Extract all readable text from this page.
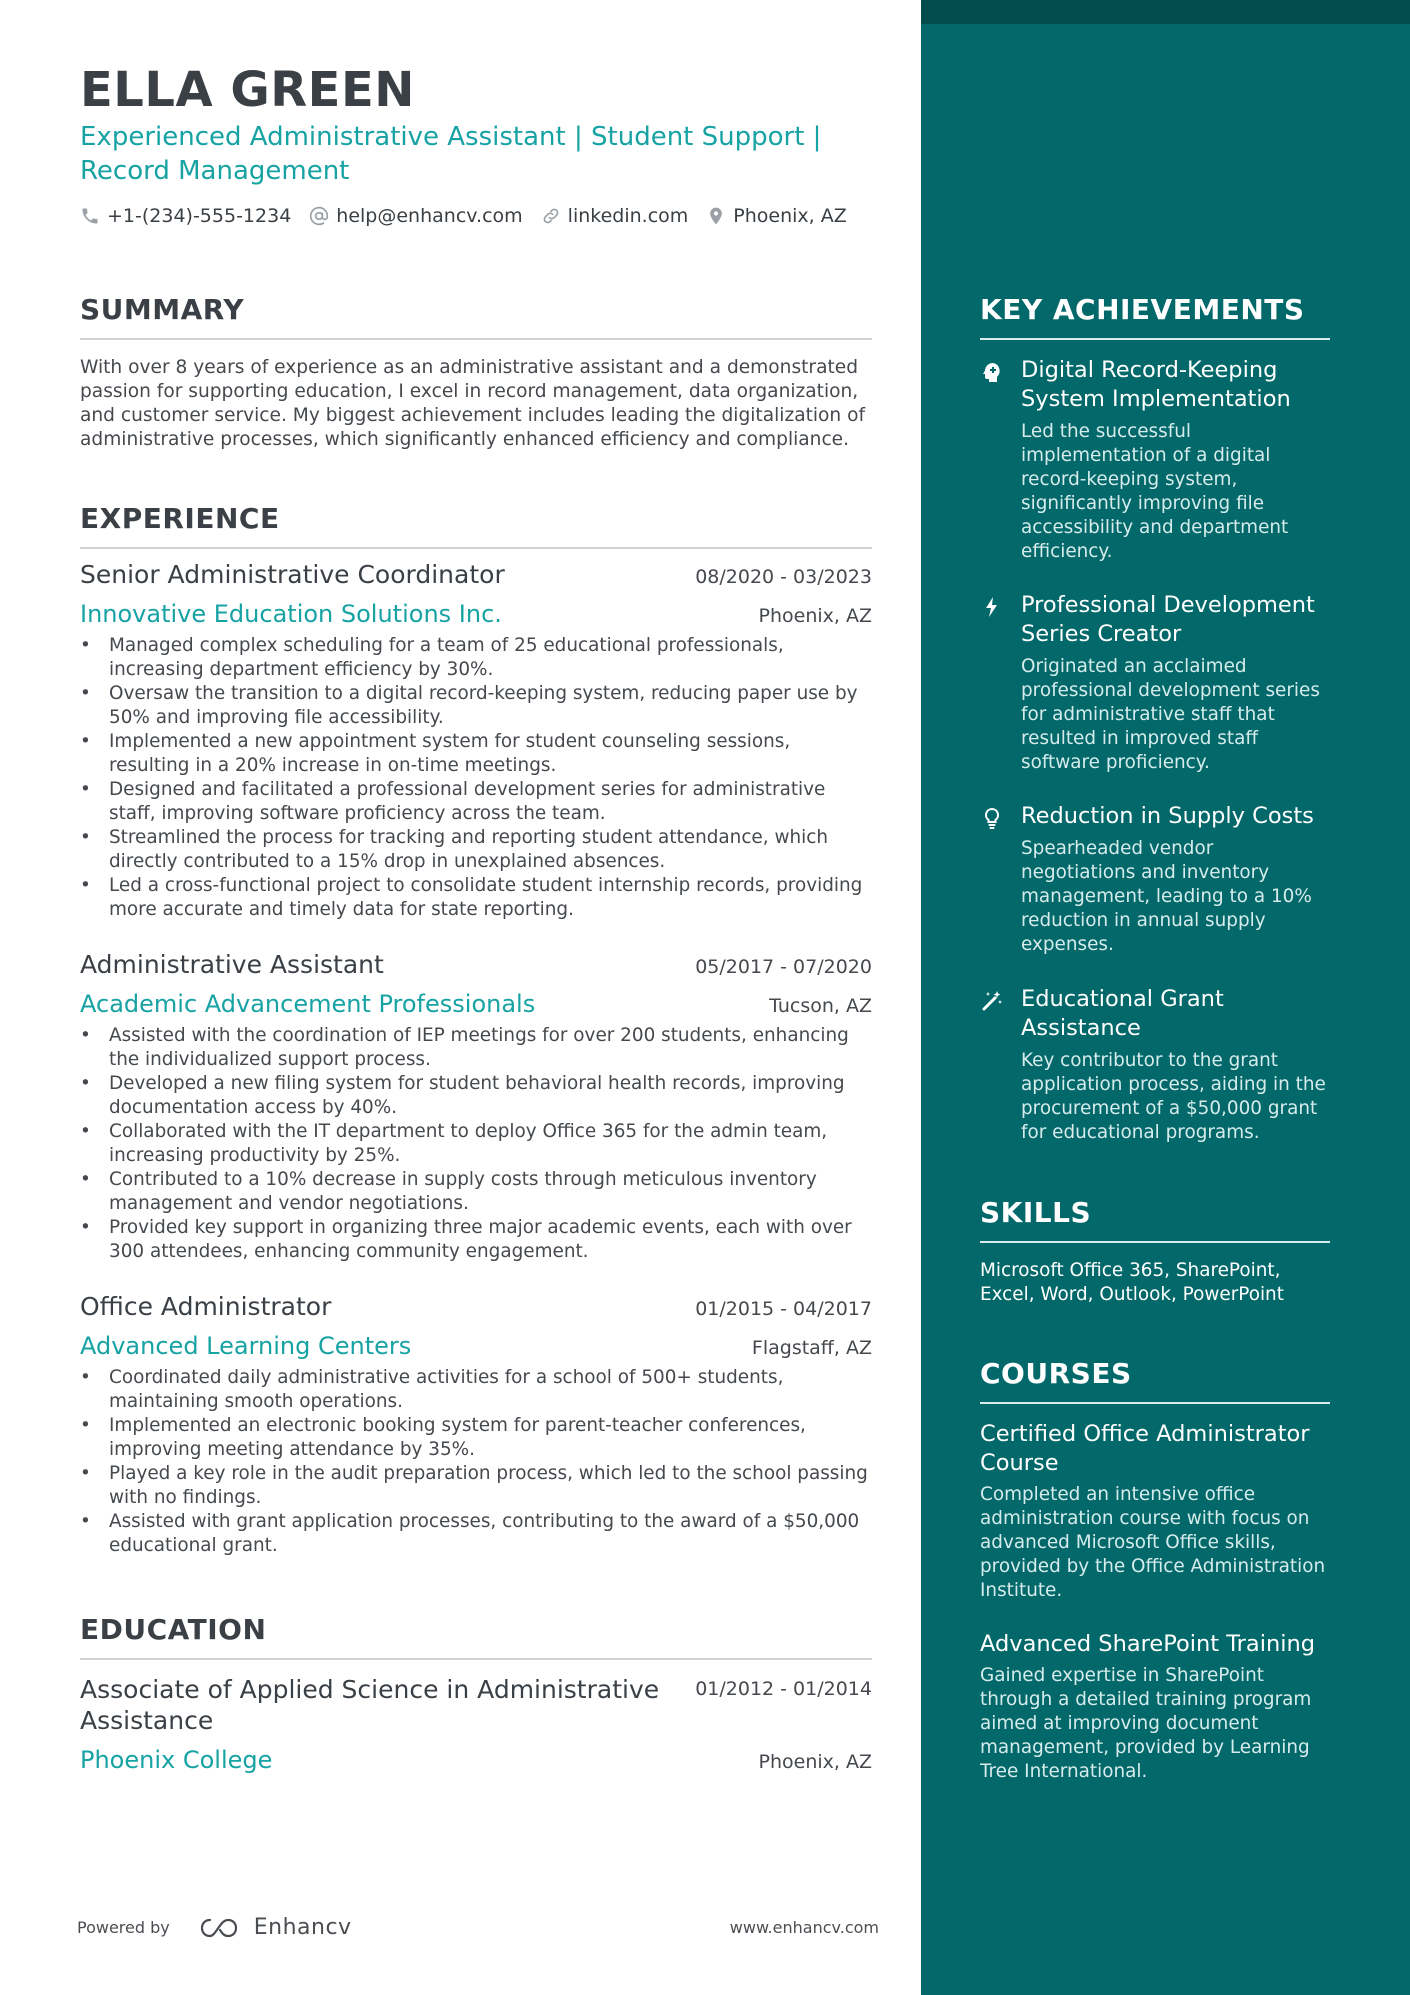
ELLA GREEN
Experienced Administrative Assistant | Student Support | Record Management
+1-(234)-555-1234 help@enhancv.com linkedin.com Phoenix, AZ
SUMMARY

With over 8 years of experience as an administrative assistant and a demonstrated passion for supporting education, I excel in record management, data organization, and customer service. My biggest achievement includes leading the digitalization of administrative processes, which significantly enhanced efficiency and compliance.

EXPERIENCE
Senior Administrative Coordinator	08/2020 - 03/2023
Innovative Education Solutions Inc.	Phoenix, AZ
• Managed complex scheduling for a team of 25 educational professionals, increasing department efficiency by 30%.
• Oversaw the transition to a digital record-keeping system, reducing paper use by 50% and improving file accessibility.
• Implemented a new appointment system for student counseling sessions, resulting in a 20% increase in on-time meetings.
• Designed and facilitated a professional development series for administrative staff, improving software proficiency across the team.
• Streamlined the process for tracking and reporting student attendance, which directly contributed to a 15% drop in unexplained absences.
• Led a cross-functional project to consolidate student internship records, providing more accurate and timely data for state reporting.
Administrative Assistant	05/2017 - 07/2020
Academic Advancement Professionals	Tucson, AZ
• Assisted with the coordination of IEP meetings for over 200 students, enhancing the individualized support process.
• Developed a new filing system for student behavioral health records, improving documentation access by 40%.
• Collaborated with the IT department to deploy Office 365 for the admin team, increasing productivity by 25%.
• Contributed to a 10% decrease in supply costs through meticulous inventory management and vendor negotiations.
• Provided key support in organizing three major academic events, each with over 300 attendees, enhancing community engagement.
Office Administrator	01/2015 - 04/2017
Advanced Learning Centers	Flagstaff, AZ
• Coordinated daily administrative activities for a school of 500+ students, maintaining smooth operations.
• Implemented an electronic booking system for parent-teacher conferences, improving meeting attendance by 35%.
• Played a key role in the audit preparation process, which led to the school passing with no findings.
• Assisted with grant application processes, contributing to the award of a $50,000 educational grant.
EDUCATION
Associate of Applied Science in Administrative Assistance
01/2012 - 01/2014
Phoenix College	Phoenix, AZ
Powered by	Enhancv	www.enhancv.com
KEY ACHIEVEMENTS
Digital Record-Keeping System Implementation
Led the successful implementation of a digital record-keeping system, significantly improving file accessibility and department efficiency.
Professional Development Series Creator
Originated an acclaimed professional development series for administrative staff that resulted in improved staff software proficiency.
Reduction in Supply Costs
Spearheaded vendor negotiations and inventory management, leading to a 10% reduction in annual supply expenses.
Educational Grant Assistance
Key contributor to the grant application process, aiding in the procurement of a $50,000 grant for educational programs.
SKILLS

Microsoft Office 365, SharePoint, Excel, Word, Outlook, PowerPoint

COURSES
Certified Office Administrator Course
Completed an intensive office administration course with focus on advanced Microsoft Office skills, provided by the Office Administration Institute.
Advanced SharePoint Training
Gained expertise in SharePoint through a detailed training program aimed at improving document management, provided by Learning Tree International.
